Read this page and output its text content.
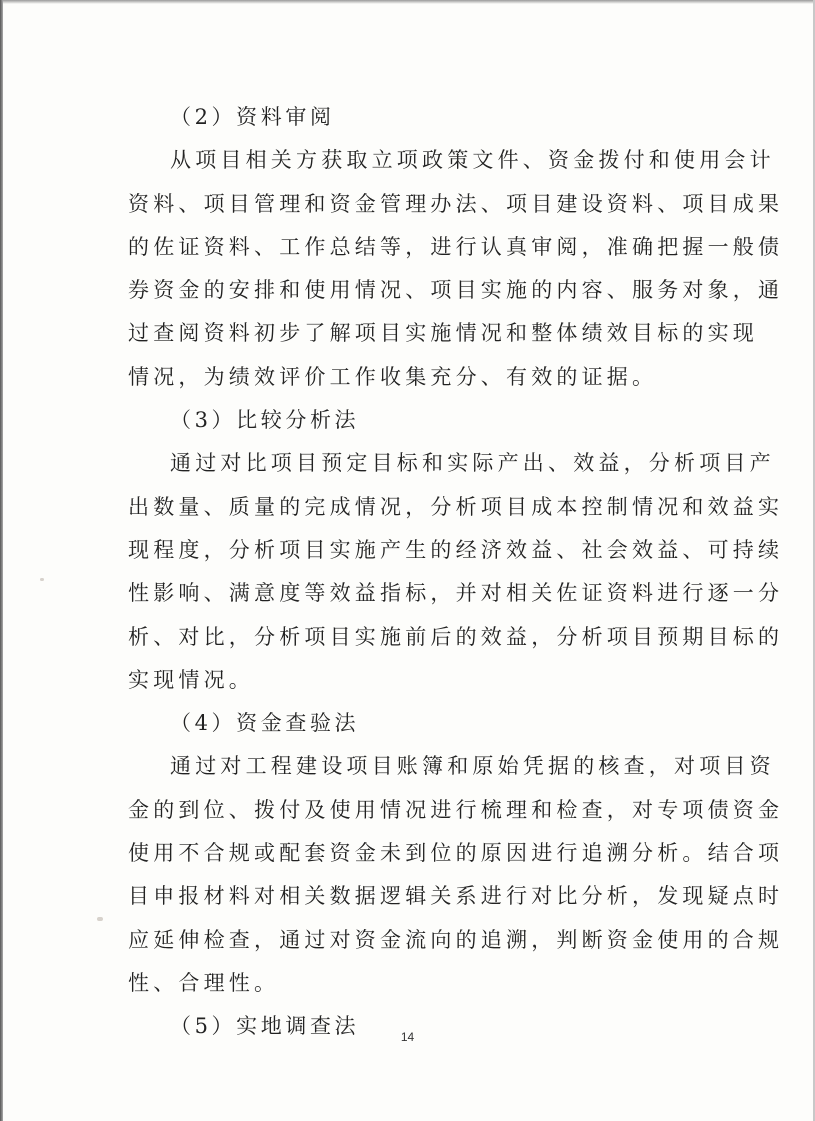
（2）资料审阅
从项目相关方获取立项政策文件、资金拨付和使用会计
资料、项目管理和资金管理办法、项目建设资料、项目成果
的佐证资料、工作总结等，进行认真审阅，准确把握一般债
券资金的安排和使用情况、项目实施的内容、服务对象，通
过查阅资料初步了解项目实施情况和整体绩效目标的实现
情况，为绩效评价工作收集充分、有效的证据。
（3）比较分析法
通过对比项目预定目标和实际产出、效益，分析项目产
出数量、质量的完成情况，分析项目成本控制情况和效益实
现程度，分析项目实施产生的经济效益、社会效益、可持续
性影响、满意度等效益指标，并对相关佐证资料进行逐一分
析、对比，分析项目实施前后的效益，分析项目预期目标的
实现情况。
（4）资金查验法
通过对工程建设项目账簿和原始凭据的核查，对项目资
金的到位、拨付及使用情况进行梳理和检查，对专项债资金
使用不合规或配套资金未到位的原因进行追溯分析。结合项
目申报材料对相关数据逻辑关系进行对比分析，发现疑点时
应延伸检查，通过对资金流向的追溯，判断资金使用的合规
性、合理性。
（5）实地调查法	14
